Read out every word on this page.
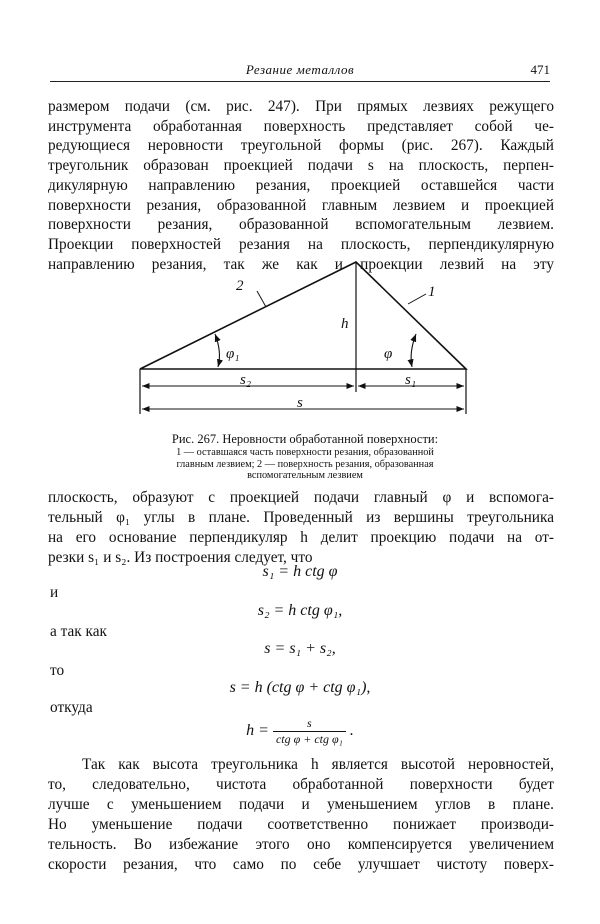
Резание металлов	471
размером подачи (см. рис. 247). При прямых лезвиях режущего
инструмента обработанная поверхность представляет собой че-
редующиеся неровности треугольной формы (рис. 267). Каждый
треугольник образован проекцией подачи s на плоскость, перпен-
дикулярную направлению резания, проекцией оставшейся части
поверхности резания, образованной главным лезвием и проекцией
поверхности резания, образованной вспомогательным лезвием.
Проекции поверхностей резания на плоскость, перпендикулярную
направлению резания, так же как и проекции лезвий на эту
2	1
h
φ₁	φ
s₂	s₁
s
Рис. 267. Неровности обработанной поверхности:
1 — оставшаяся часть поверхности резания, образованной
главным лезвием; 2 — поверхность резания, образованная
вспомогательным лезвием
плоскость, образуют с проекцией подачи главный φ и вспомога-
тельный φ₁ углы в плане. Проведенный из вершины треугольника
на его основание перпендикуляр h делит проекцию подачи на от-
резки s₁ и s₂. Из построения следует, что
s₁ = h ctg φ
и
s₂ = h ctg φ₁,
а так как
s = s₁ + s₂,
то
s = h (ctg φ + ctg φ₁),
откуда
$h = \frac{s}{\text{ctg φ + ctg φ₁}}$ .
Так как высота треугольника h является высотой неровностей,
то, следовательно, чистота обработанной поверхности будет
лучше с уменьшением подачи и уменьшением углов в плане.
Но уменьшение подачи соответственно понижает производи-
тельность. Во избежание этого оно компенсируется увеличением
скорости резания, что само по себе улучшает чистоту поверх-
